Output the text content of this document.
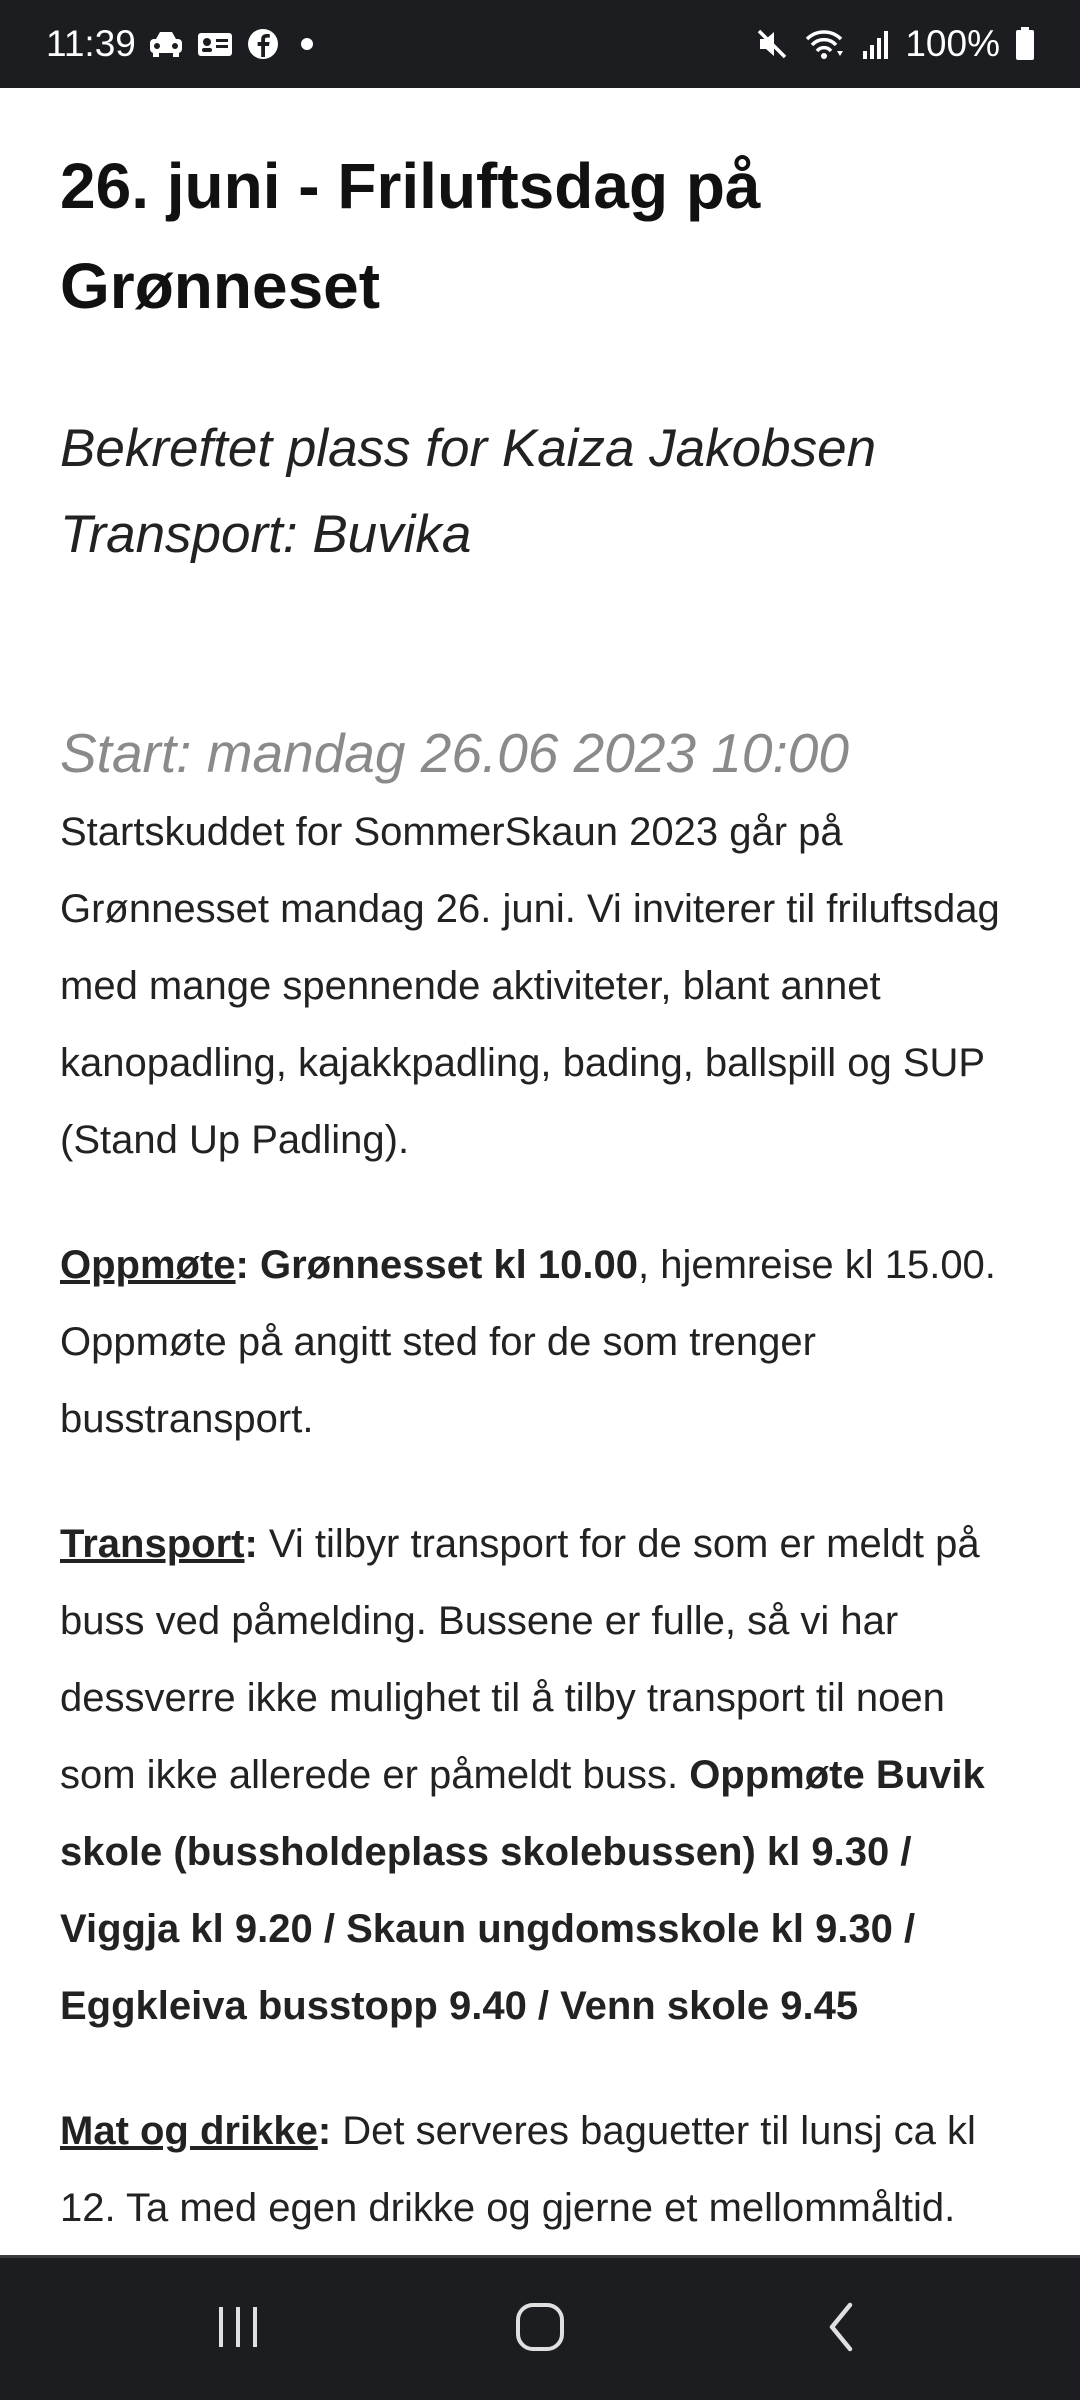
11:39	100%
26. juni - Friluftsdag på Grønneset
Bekreftet plass for Kaiza Jakobsen
Transport: Buvika
Start: mandag 26.06 2023 10:00

Startskuddet for SommerSkaun 2023 går på Grønnesset mandag 26. juni. Vi inviterer til friluftsdag med mange spennende aktiviteter, blant annet kanopadling, kajakkpadling, bading, ballspill og SUP (Stand Up Padling).

Oppmøte: Grønnesset kl 10.00, hjemreise kl 15.00. Oppmøte på angitt sted for de som trenger busstransport.

Transport: Vi tilbyr transport for de som er meldt på buss ved påmelding. Bussene er fulle, så vi har dessverre ikke mulighet til å tilby transport til noen som ikke allerede er påmeldt buss. Oppmøte Buvik skole (bussholdeplass skolebussen) kl 9.30 / Viggja kl 9.20 / Skaun ungdomsskole kl 9.30 / Eggkleiva busstopp 9.40 / Venn skole 9.45

Mat og drikke: Det serveres baguetter til lunsj ca kl 12. Ta med egen drikke og gjerne et mellommåltid.
